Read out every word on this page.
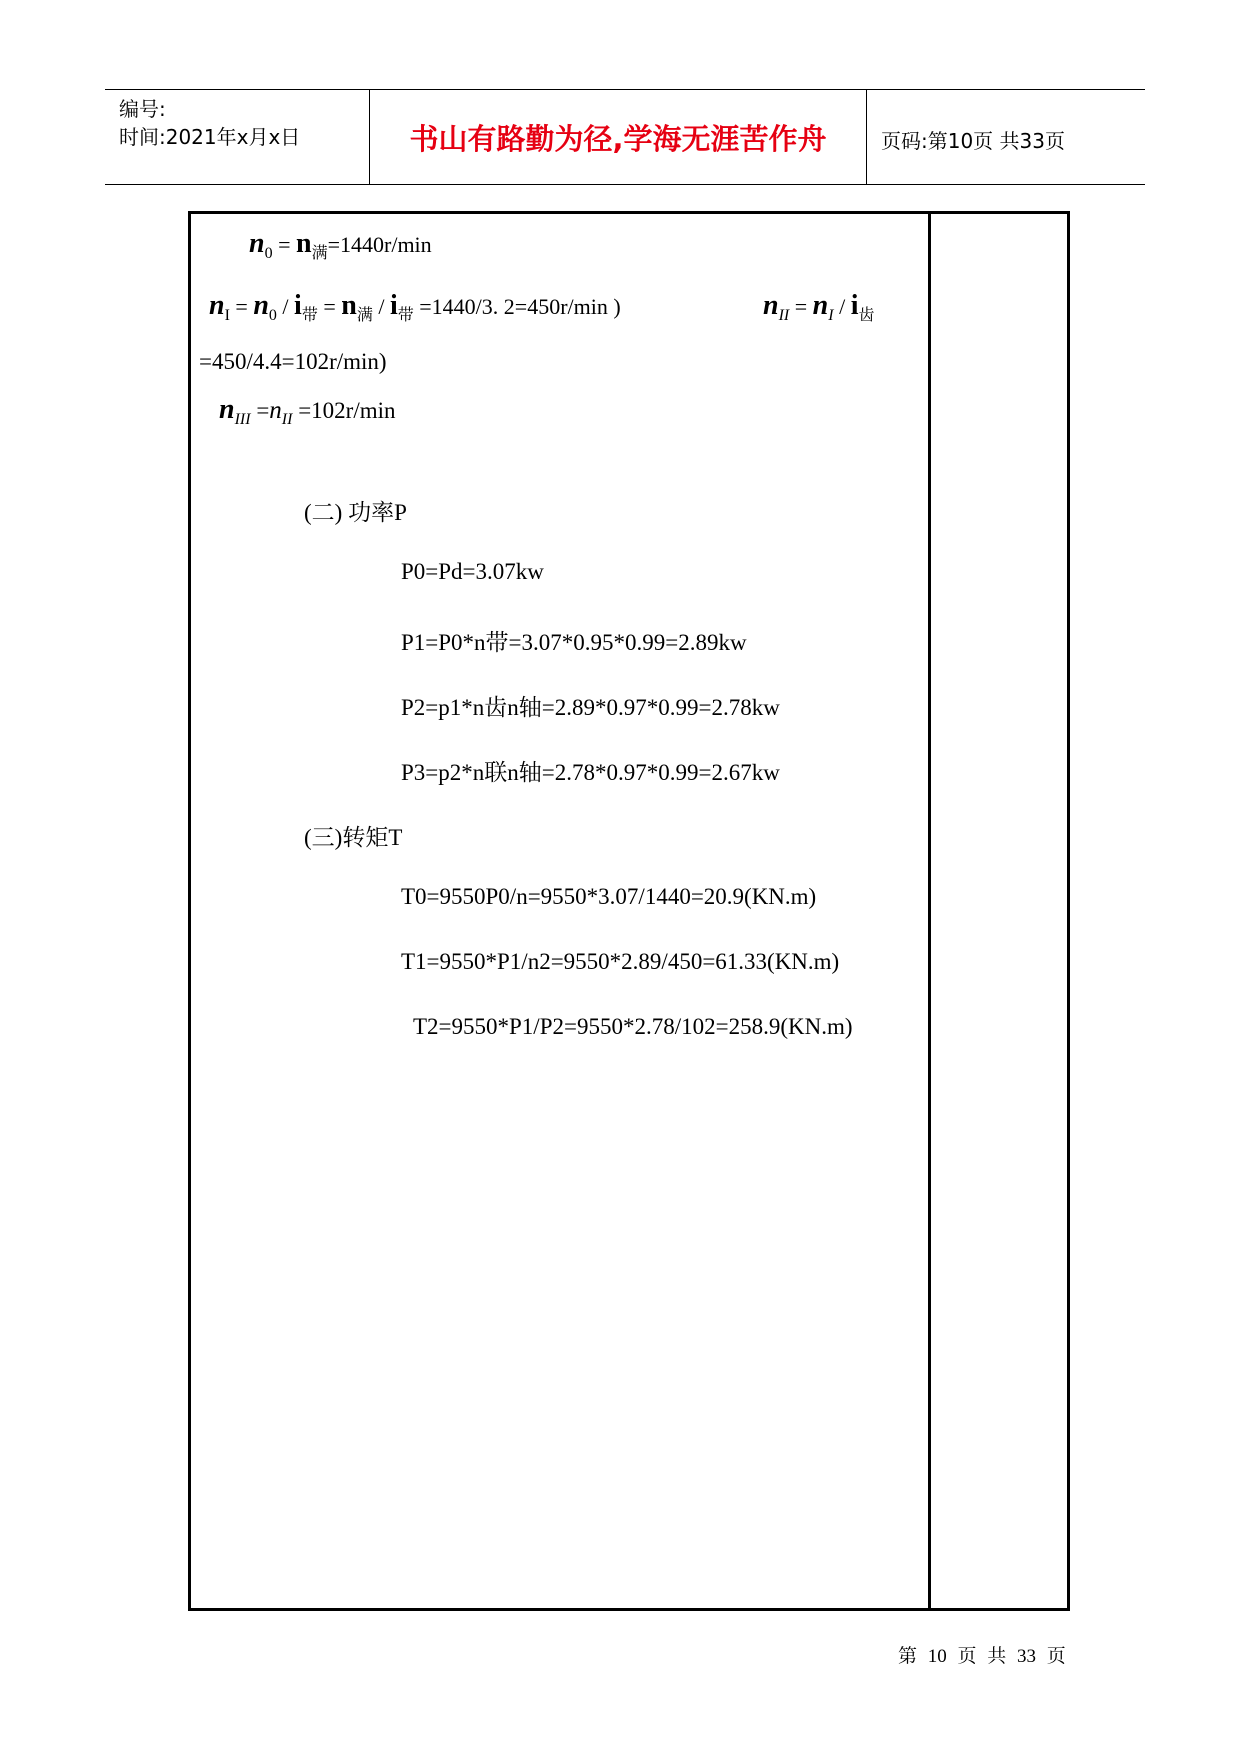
编号:
时间:2021年x月x日	书山有路勤为径,学海无涯苦作舟	页码:第10页 共33页
$n_0 = n_满=1440r/\min$
$n_I = n_0 / i_带 = n_满 / i_带 =1440/3$. 2=450r/min )	$n_{II} = n_I / i_齿$
=450/4.4=102r/min)
$n_{III} =n_{II} =102r/\min$
(二) 功率P
P0=Pd=3.07kw
P1=P0*n带=3.07*0.95*0.99=2.89kw
P2=p1*n齿n轴=2.89*0.97*0.99=2.78kw
P3=p2*n联n轴=2.78*0.97*0.99=2.67kw
(三)转矩T
T0=9550P0/n=9550*3.07/1440=20.9(KN.m)
T1=9550*P1/n2=9550*2.89/450=61.33(KN.m)
T2=9550*P1/P2=9550*2.78/102=258.9(KN.m)
第 10 页 共 33 页
